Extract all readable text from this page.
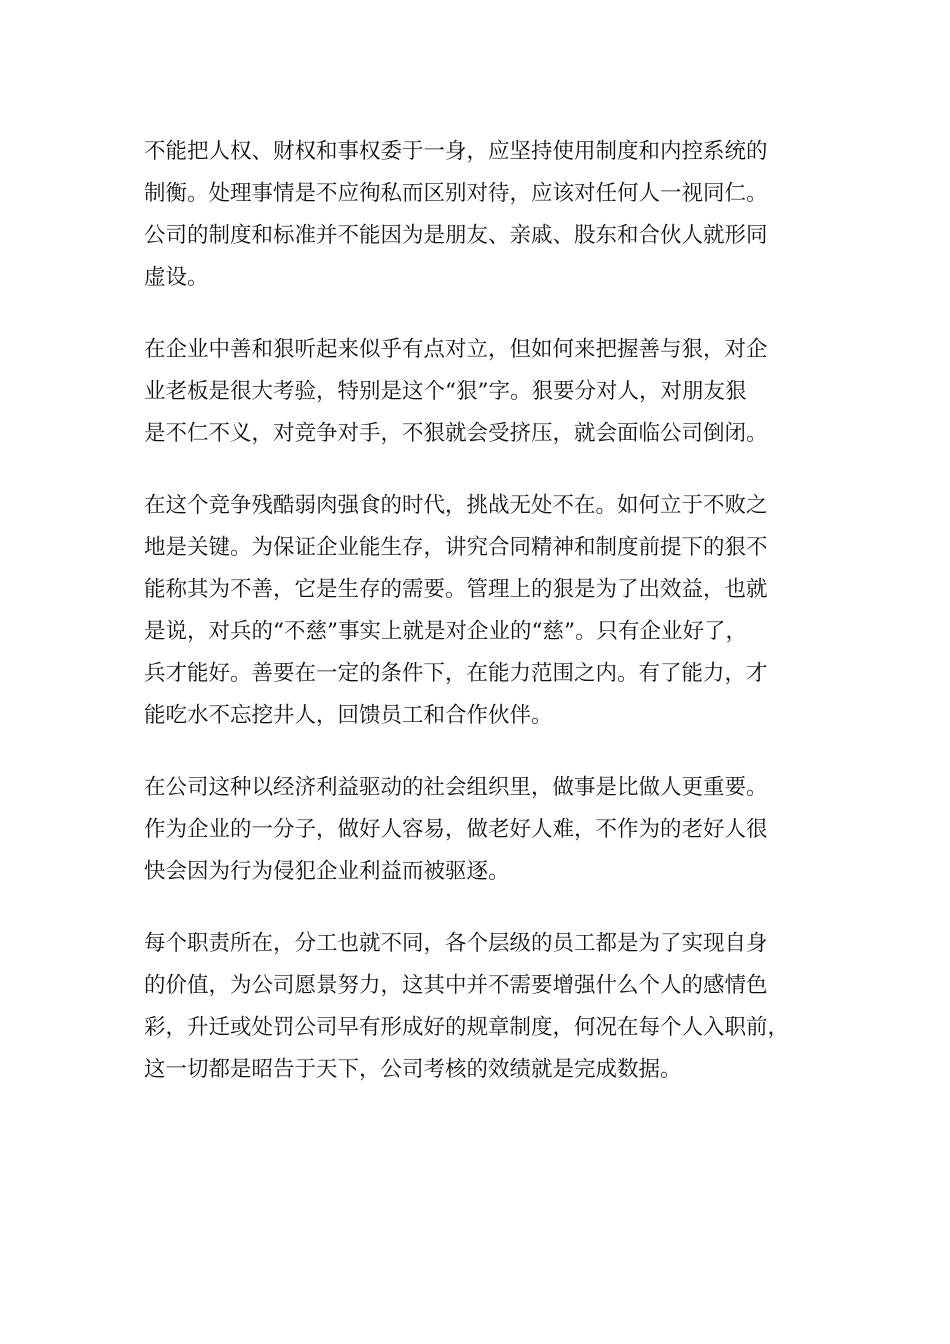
不能把人权、财权和事权委于一身，应坚持使用制度和内控系统的
制衡。处理事情是不应徇私而区别对待，应该对任何人一视同仁。
公司的制度和标准并不能因为是朋友、亲戚、股东和合伙人就形同
虚设。
在企业中善和狠听起来似乎有点对立，但如何来把握善与狠，对企
业老板是很大考验，特别是这个“狠”字。狠要分对人，对朋友狠
是不仁不义，对竞争对手，不狠就会受挤压，就会面临公司倒闭。
在这个竞争残酷弱肉强食的时代，挑战无处不在。如何立于不败之
地是关键。为保证企业能生存，讲究合同精神和制度前提下的狠不
能称其为不善，它是生存的需要。管理上的狠是为了出效益，也就
是说，对兵的“不慈”事实上就是对企业的“慈”。只有企业好了，
兵才能好。善要在一定的条件下，在能力范围之内。有了能力，才
能吃水不忘挖井人，回馈员工和合作伙伴。
在公司这种以经济利益驱动的社会组织里，做事是比做人更重要。
作为企业的一分子，做好人容易，做老好人难，不作为的老好人很
快会因为行为侵犯企业利益而被驱逐。
每个职责所在，分工也就不同，各个层级的员工都是为了实现自身
的价值，为公司愿景努力，这其中并不需要增强什么个人的感情色
彩，升迁或处罚公司早有形成好的规章制度，何况在每个人入职前，
这一切都是昭告于天下，公司考核的效绩就是完成数据。
